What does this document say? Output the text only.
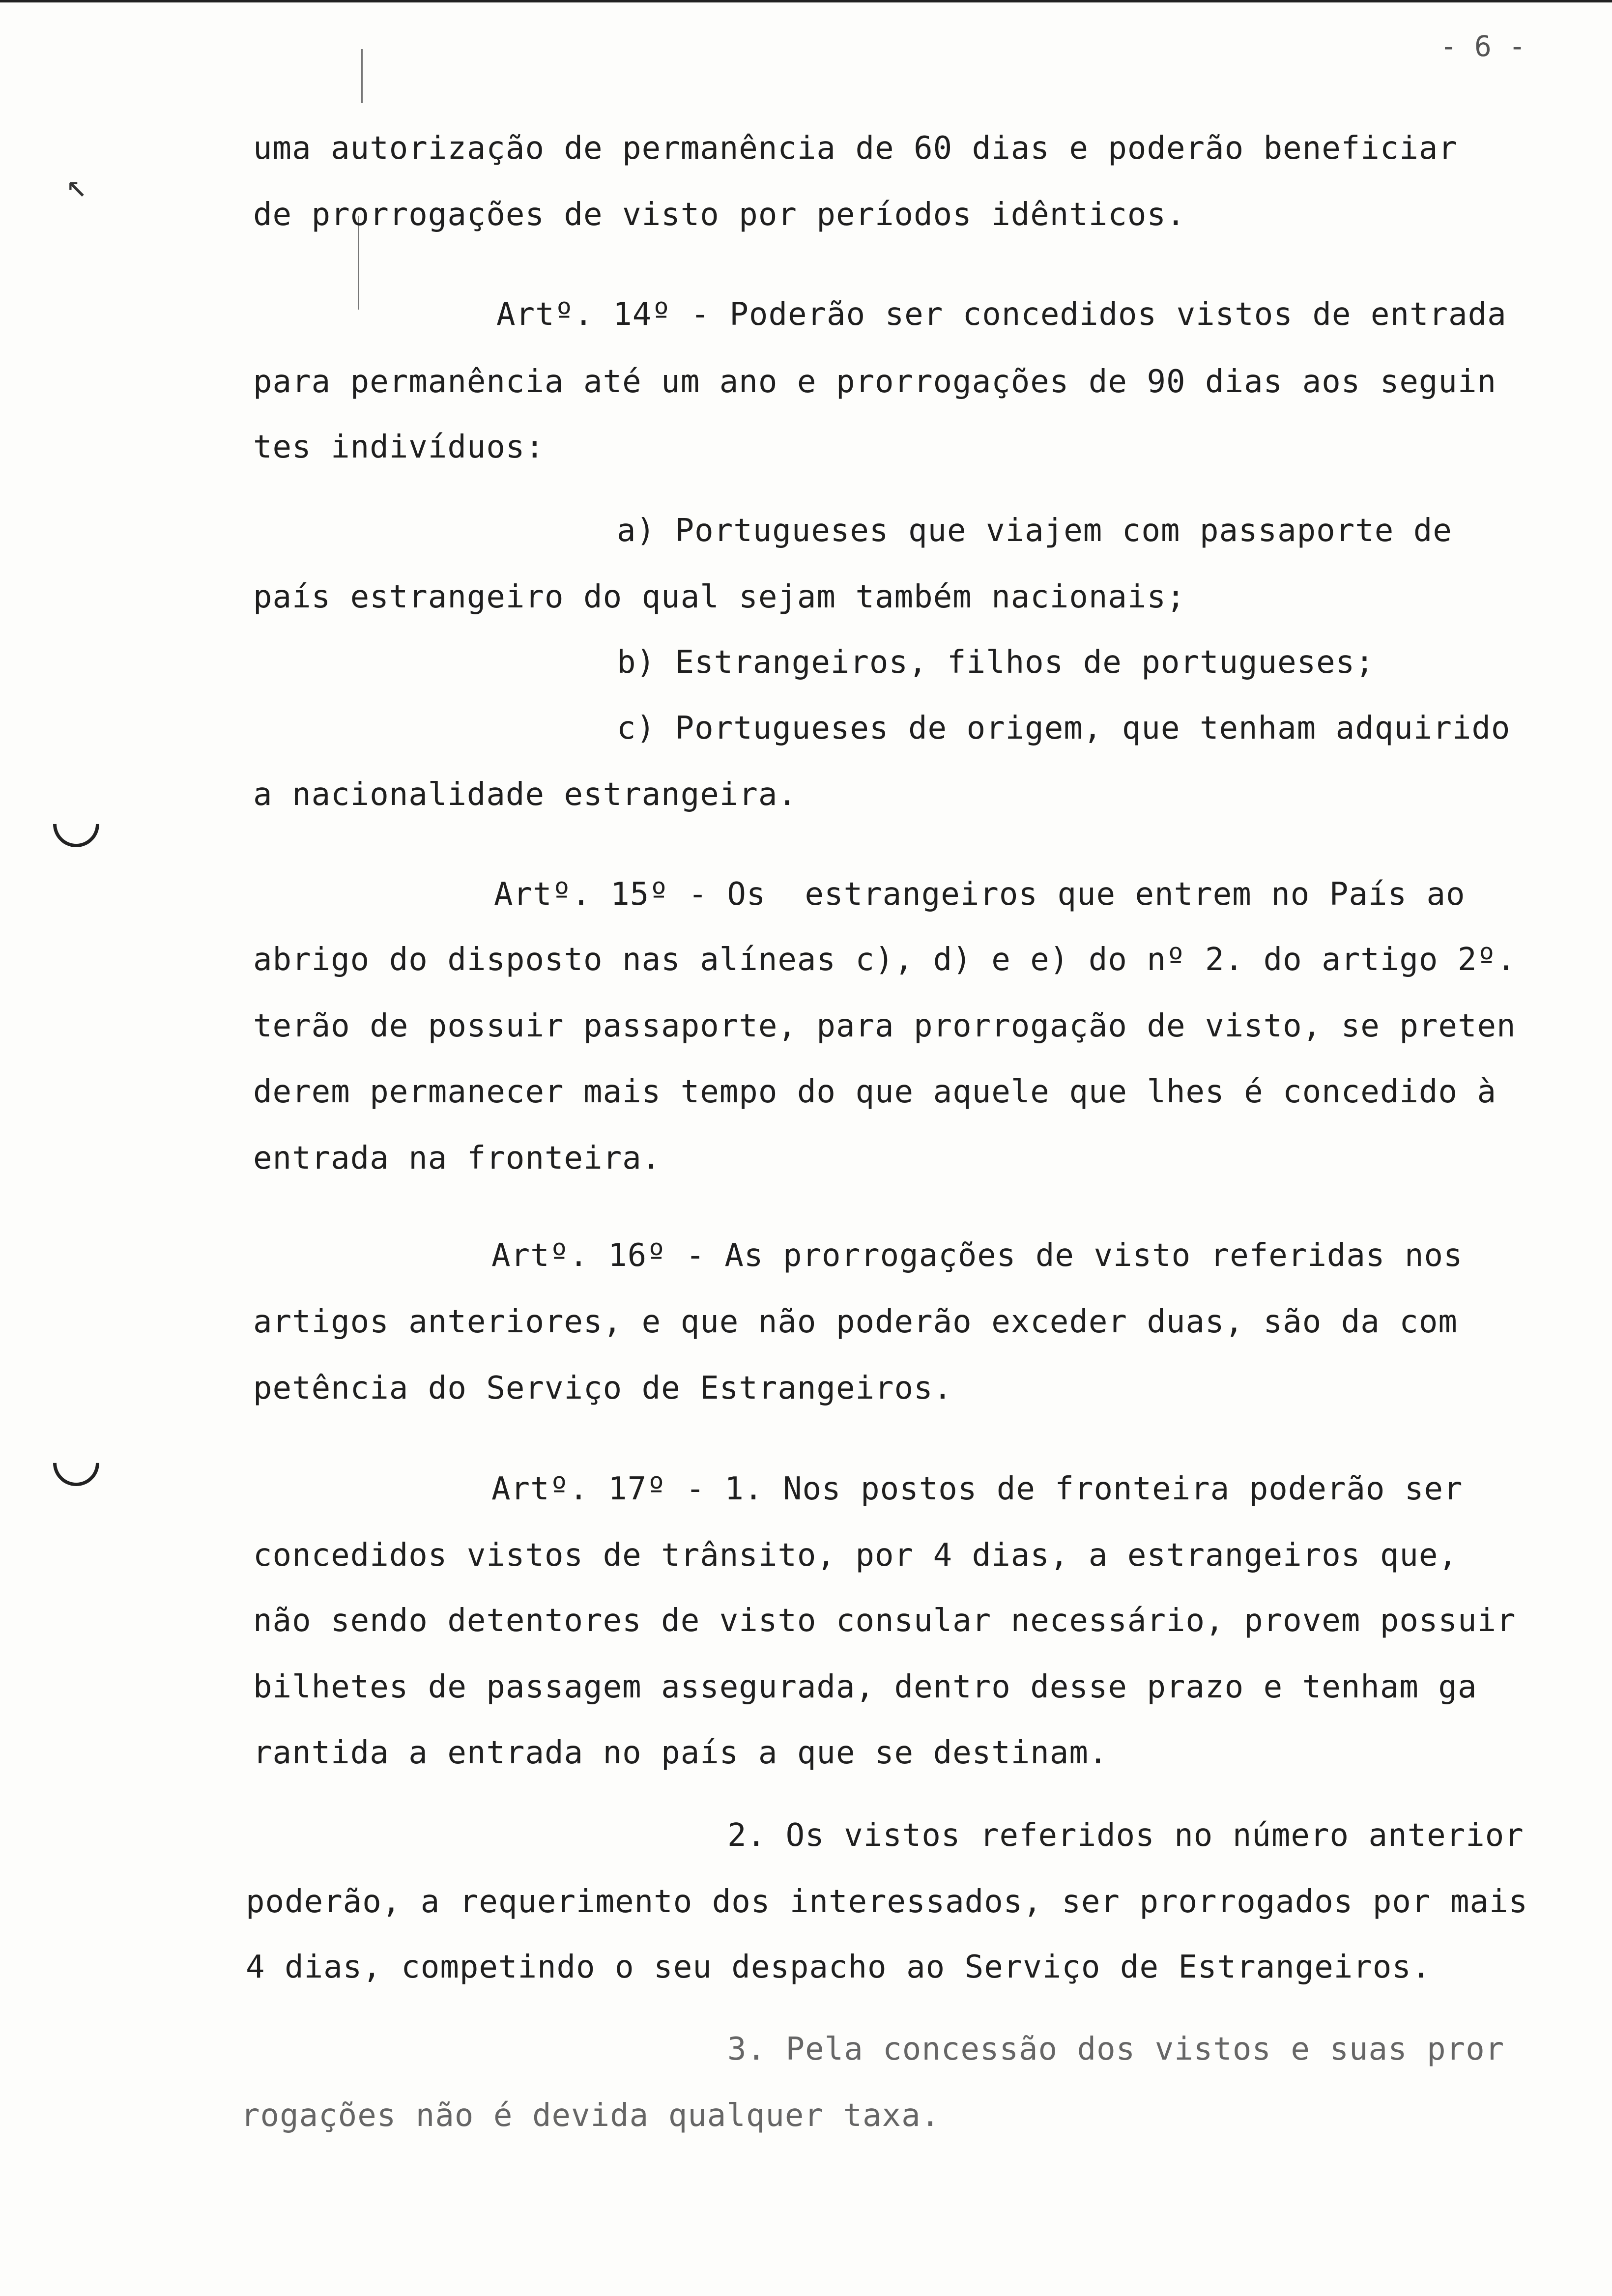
- 6 -
↖
uma autorização de permanência de 60 dias e poderão beneficiar
de prorrogações de visto por períodos idênticos.
Artº. 14º - Poderão ser concedidos vistos de entrada
para permanência até um ano e prorrogações de 90 dias aos seguin
tes indivíduos:
a) Portugueses que viajem com passaporte de
país estrangeiro do qual sejam também nacionais;
b) Estrangeiros, filhos de portugueses;
c) Portugueses de origem, que tenham adquirido
a nacionalidade estrangeira.
Artº. 15º - Os  estrangeiros que entrem no País ao
abrigo do disposto nas alíneas c), d) e e) do nº 2. do artigo 2º.
terão de possuir passaporte, para prorrogação de visto, se preten
derem permanecer mais tempo do que aquele que lhes é concedido à
entrada na fronteira.
Artº. 16º - As prorrogações de visto referidas nos
artigos anteriores, e que não poderão exceder duas, são da com
petência do Serviço de Estrangeiros.
Artº. 17º - 1. Nos postos de fronteira poderão ser
concedidos vistos de trânsito, por 4 dias, a estrangeiros que,
não sendo detentores de visto consular necessário, provem possuir
bilhetes de passagem assegurada, dentro desse prazo e tenham ga
rantida a entrada no país a que se destinam.
2. Os vistos referidos no número anterior
poderão, a requerimento dos interessados, ser prorrogados por mais
4 dias, competindo o seu despacho ao Serviço de Estrangeiros.
3. Pela concessão dos vistos e suas pror
rogações não é devida qualquer taxa.
